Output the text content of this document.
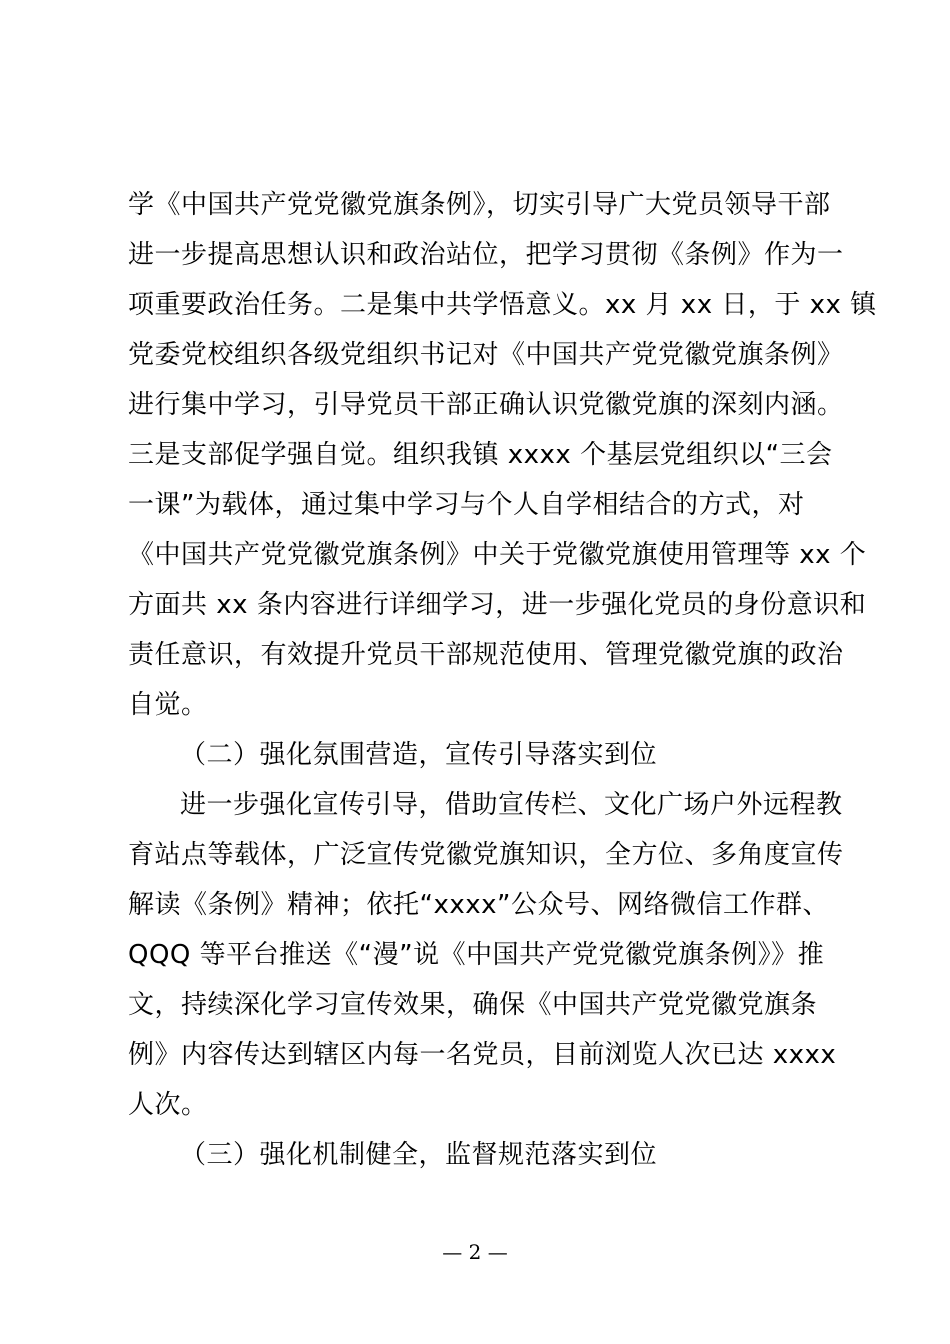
学《中国共产党党徽党旗条例》，切实引导广大党员领导干部
进一步提高思想认识和政治站位，把学习贯彻《条例》作为一
项重要政治任务。二是集中共学悟意义。xx 月 xx 日，于 xx 镇
党委党校组织各级党组织书记对《中国共产党党徽党旗条例》
进行集中学习，引导党员干部正确认识党徽党旗的深刻内涵。
三是支部促学强自觉。组织我镇 xxxx 个基层党组织以“三会
一课”为载体，通过集中学习与个人自学相结合的方式，对
《中国共产党党徽党旗条例》中关于党徽党旗使用管理等 xx 个
方面共 xx 条内容进行详细学习，进一步强化党员的身份意识和
责任意识，有效提升党员干部规范使用、管理党徽党旗的政治
自觉。
（二）强化氛围营造，宣传引导落实到位
进一步强化宣传引导，借助宣传栏、文化广场户外远程教
育站点等载体，广泛宣传党徽党旗知识，全方位、多角度宣传
解读《条例》精神；依托“xxxx”公众号、网络微信工作群、
QQQ 等平台推送《“漫”说《中国共产党党徽党旗条例》》推
文，持续深化学习宣传效果，确保《中国共产党党徽党旗条
例》内容传达到辖区内每一名党员，目前浏览人次已达 xxxx
人次。
（三）强化机制健全，监督规范落实到位
— 2 —
